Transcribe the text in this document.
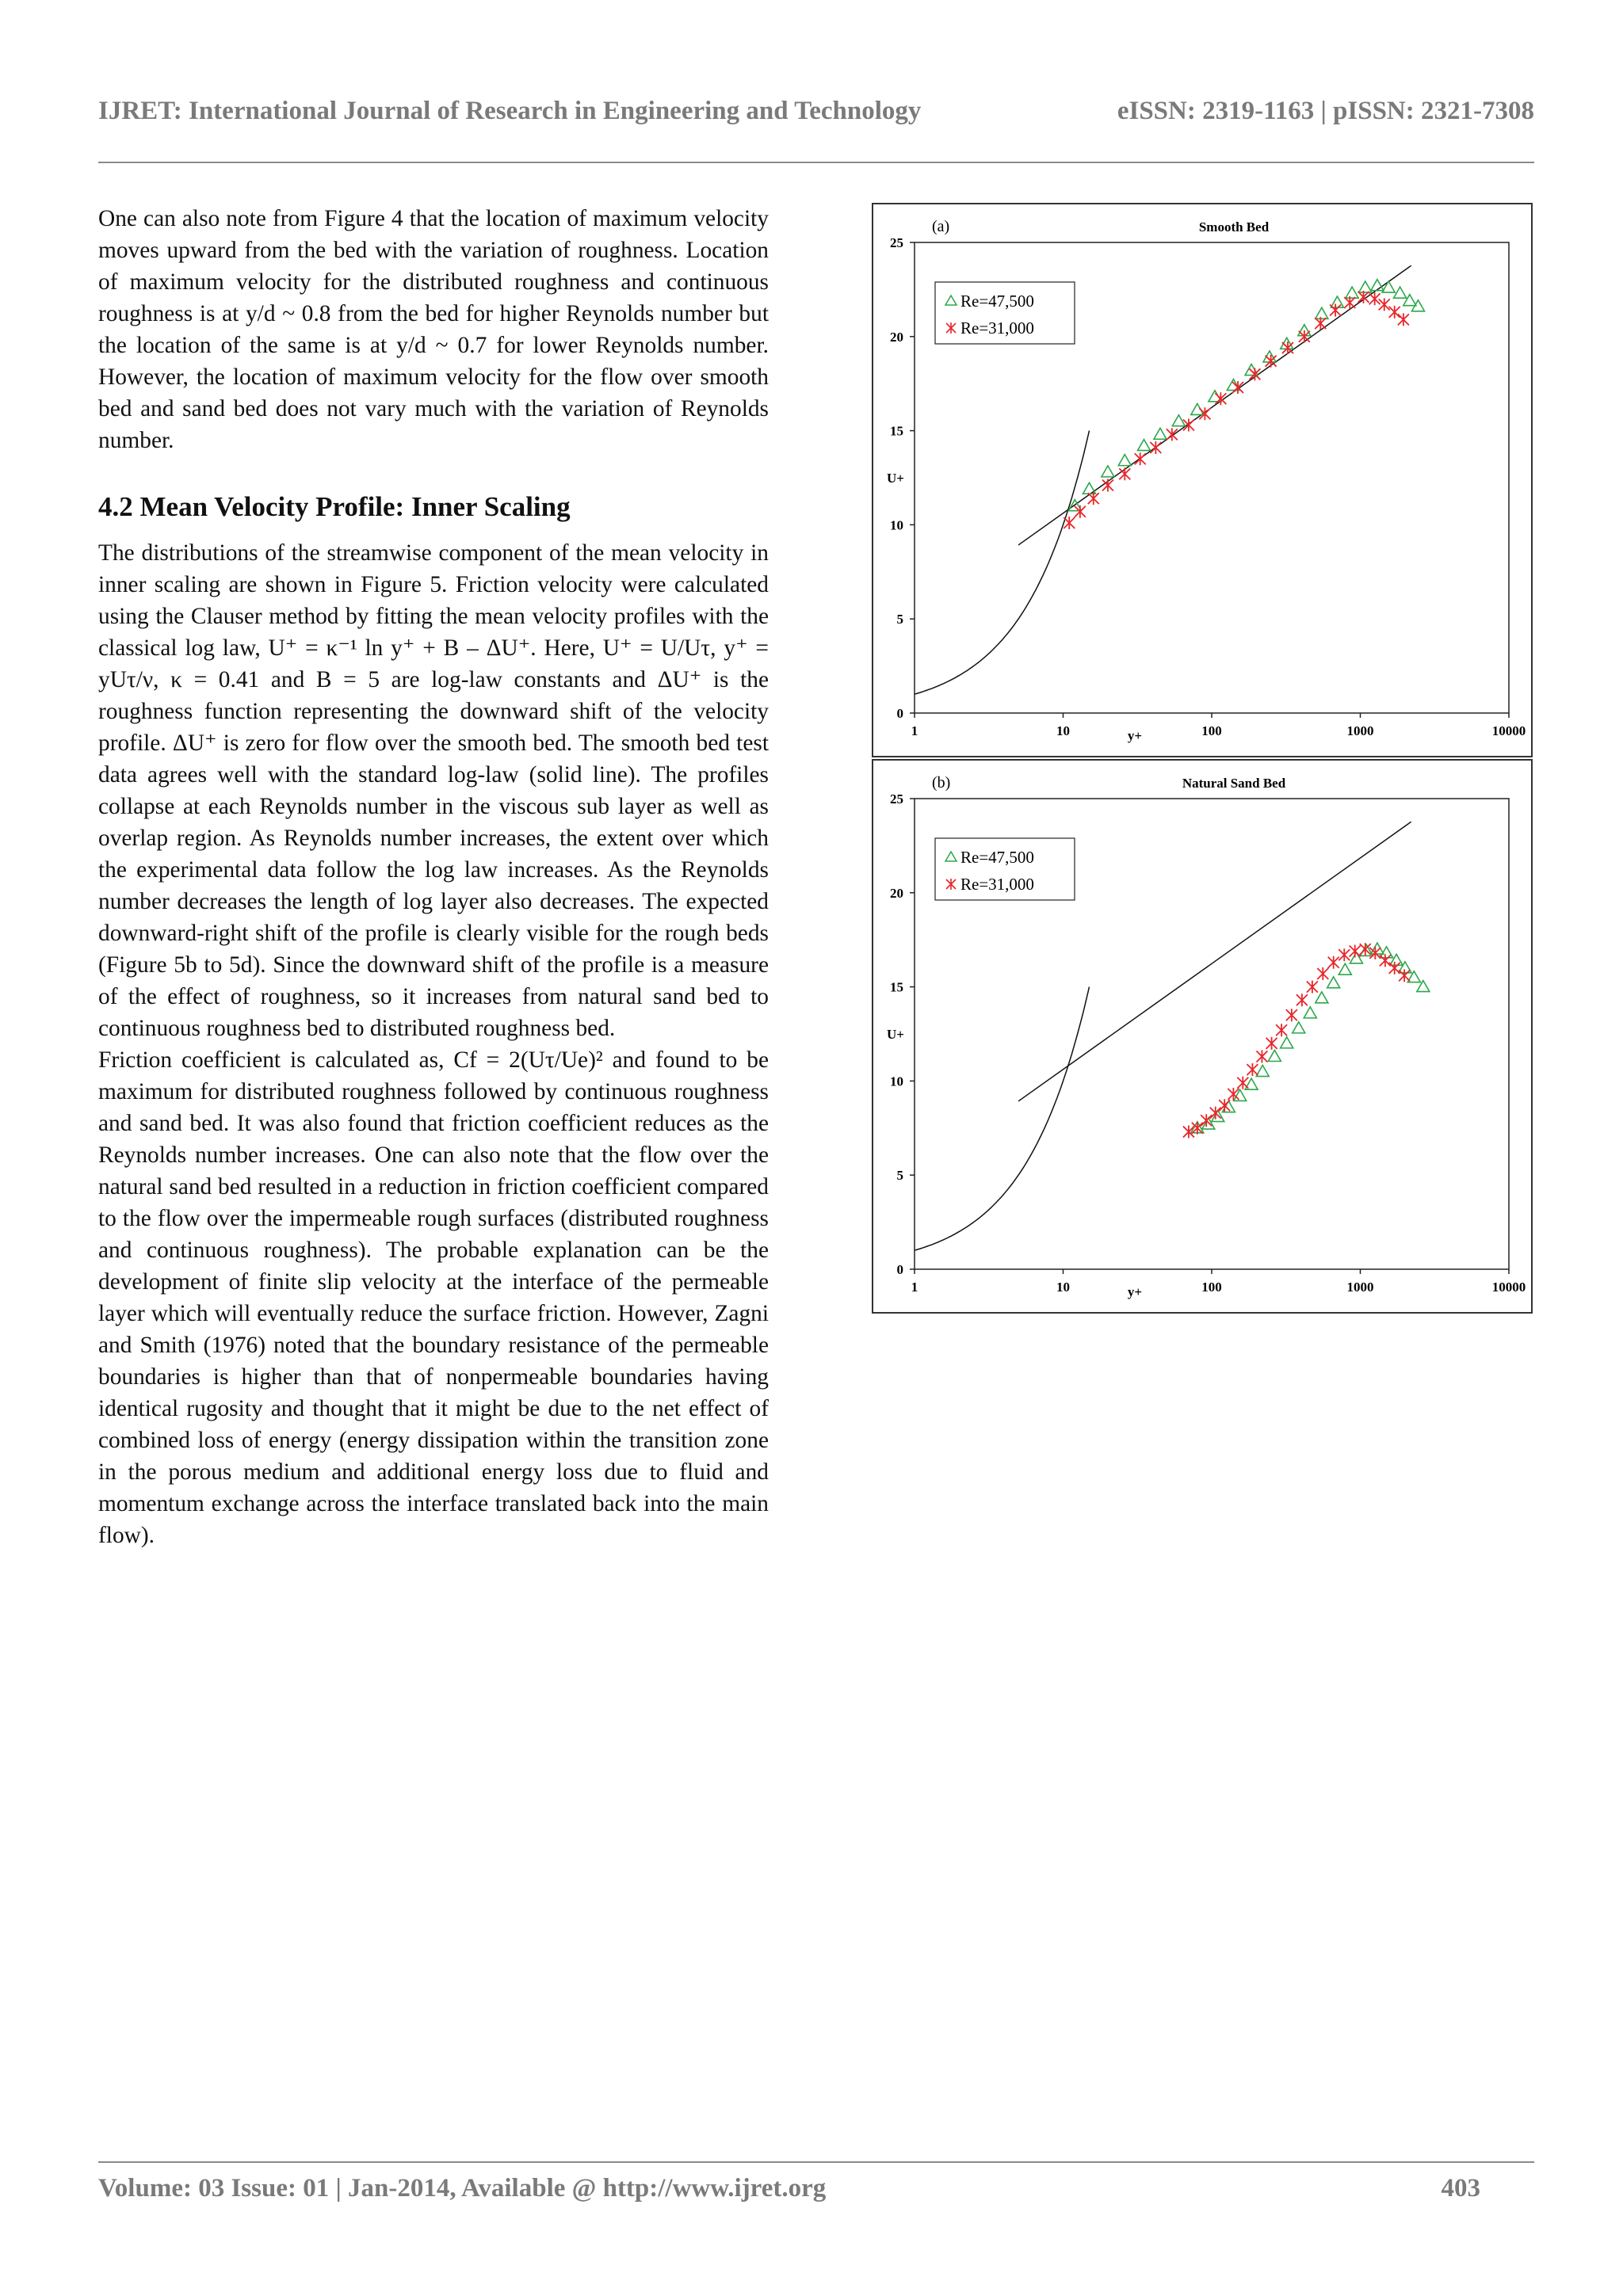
IJRET: International Journal of Research in Engineering and Technology	eISSN: 2319-1163 | pISSN: 2321-7308

One can also note from Figure 4 that the location of maximum velocity moves upward from the bed with the variation of roughness. Location of maximum velocity for the distributed roughness and continuous roughness is at y/d ~ 0.8 from the bed for higher Reynolds number but the location of the same is at y/d ~ 0.7 for lower Reynolds number. However, the location of maximum velocity for the flow over smooth bed and sand bed does not vary much with the variation of Reynolds number.

4.2 Mean Velocity Profile: Inner Scaling

The distributions of the streamwise component of the mean velocity in inner scaling are shown in Figure 5. Friction velocity were calculated using the Clauser method by fitting the mean velocity profiles with the classical log law, U⁺ = κ⁻¹ ln y⁺ + B – ΔU⁺. Here, U⁺ = U/Uτ, y⁺ = yUτ/ν, κ = 0.41 and B = 5 are log-law constants and ΔU⁺ is the roughness function representing the downward shift of the velocity profile. ΔU⁺ is zero for flow over the smooth bed. The smooth bed test data agrees well with the standard log-law (solid line). The profiles collapse at each Reynolds number in the viscous sub layer as well as overlap region. As Reynolds number increases, the extent over which the experimental data follow the log law increases. As the Reynolds number decreases the length of log layer also decreases. The expected downward-right shift of the profile is clearly visible for the rough beds (Figure 5b to 5d). Since the downward shift of the profile is a measure of the effect of roughness, so it increases from natural sand bed to continuous roughness bed to distributed roughness bed.

Friction coefficient is calculated as, Cf = 2(Uτ/Ue)² and found to be maximum for distributed roughness followed by continuous roughness and sand bed. It was also found that friction coefficient reduces as the Reynolds number increases. One can also note that the flow over the natural sand bed resulted in a reduction in friction coefficient compared to the flow over the impermeable rough surfaces (distributed roughness and continuous roughness). The probable explanation can be the development of finite slip velocity at the interface of the permeable layer which will eventually reduce the surface friction. However, Zagni and Smith (1976) noted that the boundary resistance of the permeable boundaries is higher than that of nonpermeable boundaries having identical rugosity and thought that it might be due to the net effect of combined loss of energy (energy dissipation within the transition zone in the porous medium and additional energy loss due to fluid and momentum exchange across the interface translated back into the main flow).

0
5
10
15
20
25
1	10	100	1000	10000
y+
U+
(a)	Smooth Bed
Re=47,500
Re=31,000
0
5
10
15
20
25
1	10	100	1000	10000
y+
U+
(b)	Natural Sand Bed
Re=47,500
Re=31,000
Volume: 03 Issue: 01 | Jan-2014, Available @ http://www.ijret.org	403
